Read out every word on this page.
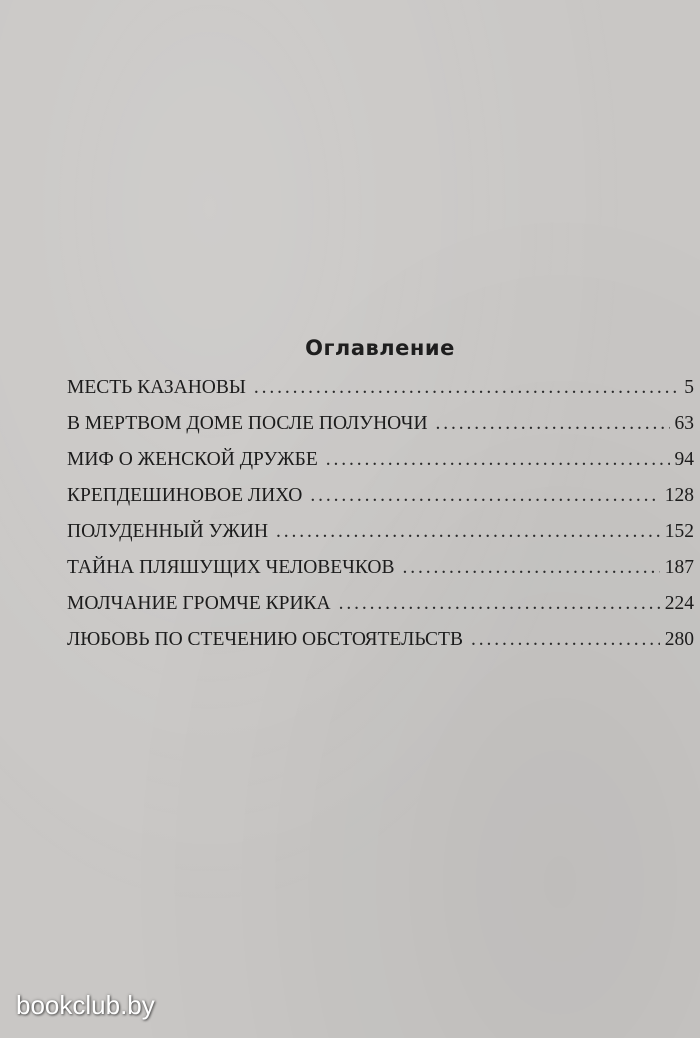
Оглавление
МЕСТЬ КАЗАНОВЫ . . .	5
В МЕРТВОМ ДОМЕ ПОСЛЕ ПОЛУНОЧИ . . .	63
МИФ О ЖЕНСКОЙ ДРУЖБЕ . . .	94
КРЕПДЕШИНОВОЕ ЛИХО . . .	128
ПОЛУДЕННЫЙ УЖИН . . .	152
ТАЙНА ПЛЯШУЩИХ ЧЕЛОВЕЧКОВ . . .	187
МОЛЧАНИЕ ГРОМЧЕ КРИКА . . .	224
ЛЮБОВЬ ПО СТЕЧЕНИЮ ОБСТОЯТЕЛЬСТВ . . .	280
bookclub.by
